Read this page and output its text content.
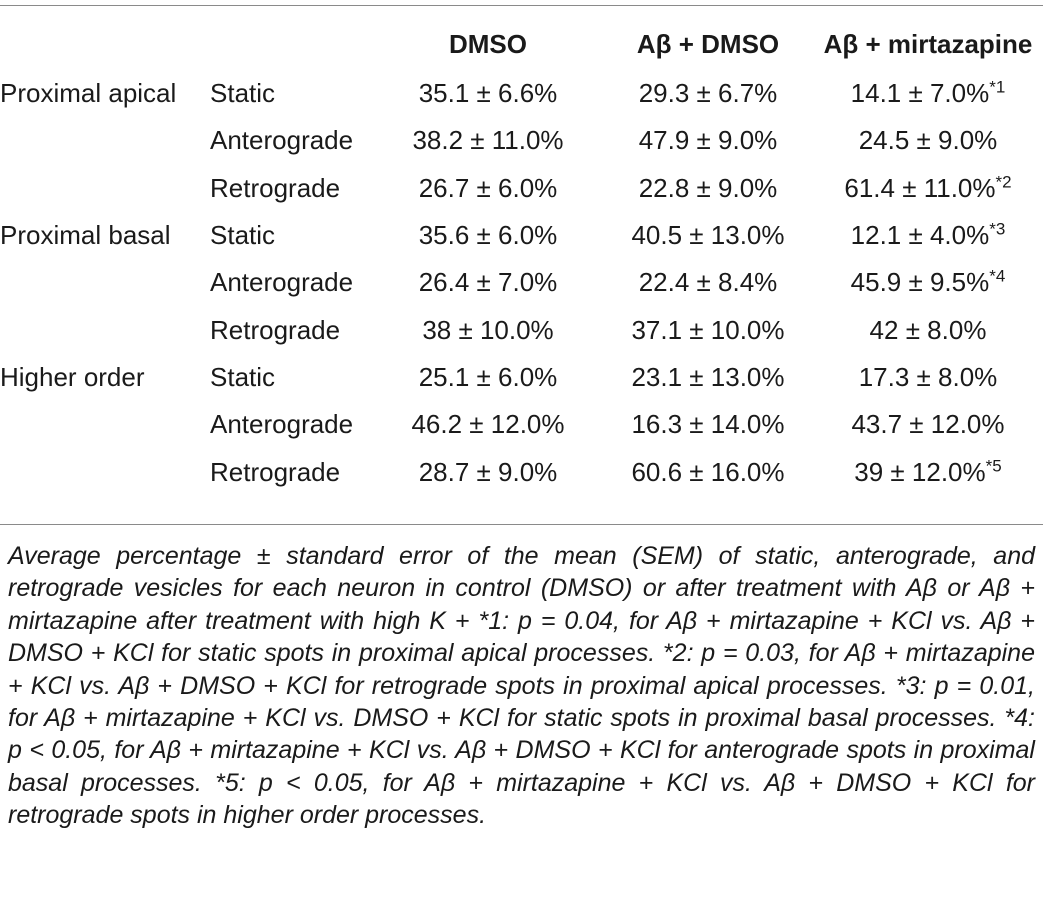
		DMSO	Aβ + DMSO	Aβ + mirtazapine
Proximal apical	Static	35.1 ± 6.6%	29.3 ± 6.7%	14.1 ± 7.0%$^{*1}$
	Anterograde	38.2 ± 11.0%	47.9 ± 9.0%	24.5 ± 9.0%
	Retrograde	26.7 ± 6.0%	22.8 ± 9.0%	61.4 ± 11.0%$^{*2}$
Proximal basal	Static	35.6 ± 6.0%	40.5 ± 13.0%	12.1 ± 4.0%$^{*3}$
	Anterograde	26.4 ± 7.0%	22.4 ± 8.4%	45.9 ± 9.5%$^{*4}$
	Retrograde	38 ± 10.0%	37.1 ± 10.0%	42 ± 8.0%
Higher order	Static	25.1 ± 6.0%	23.1 ± 13.0%	17.3 ± 8.0%
	Anterograde	46.2 ± 12.0%	16.3 ± 14.0%	43.7 ± 12.0%
	Retrograde	28.7 ± 9.0%	60.6 ± 16.0%	39 ± 12.0%$^{*5}$

Average percentage ± standard error of the mean (SEM) of static, anterograde, and retrograde vesicles for each neuron in control (DMSO) or after treatment with Aβ or Aβ + mirtazapine after treatment with high K + *1: p = 0.04, for Aβ + mirtazapine + KCl vs. Aβ + DMSO + KCl for static spots in proximal apical processes. *2: p = 0.03, for Aβ + mirtazapine + KCl vs. Aβ + DMSO + KCl for retrograde spots in proximal apical processes. *3: p = 0.01, for Aβ + mirtazapine + KCl vs. DMSO + KCl for static spots in proximal basal processes. *4: p < 0.05, for Aβ + mirtazapine + KCl vs. Aβ + DMSO + KCl for anterograde spots in proximal basal processes. *5: p < 0.05, for Aβ + mirtazapine + KCl vs. Aβ + DMSO + KCl for retrograde spots in higher order processes.
